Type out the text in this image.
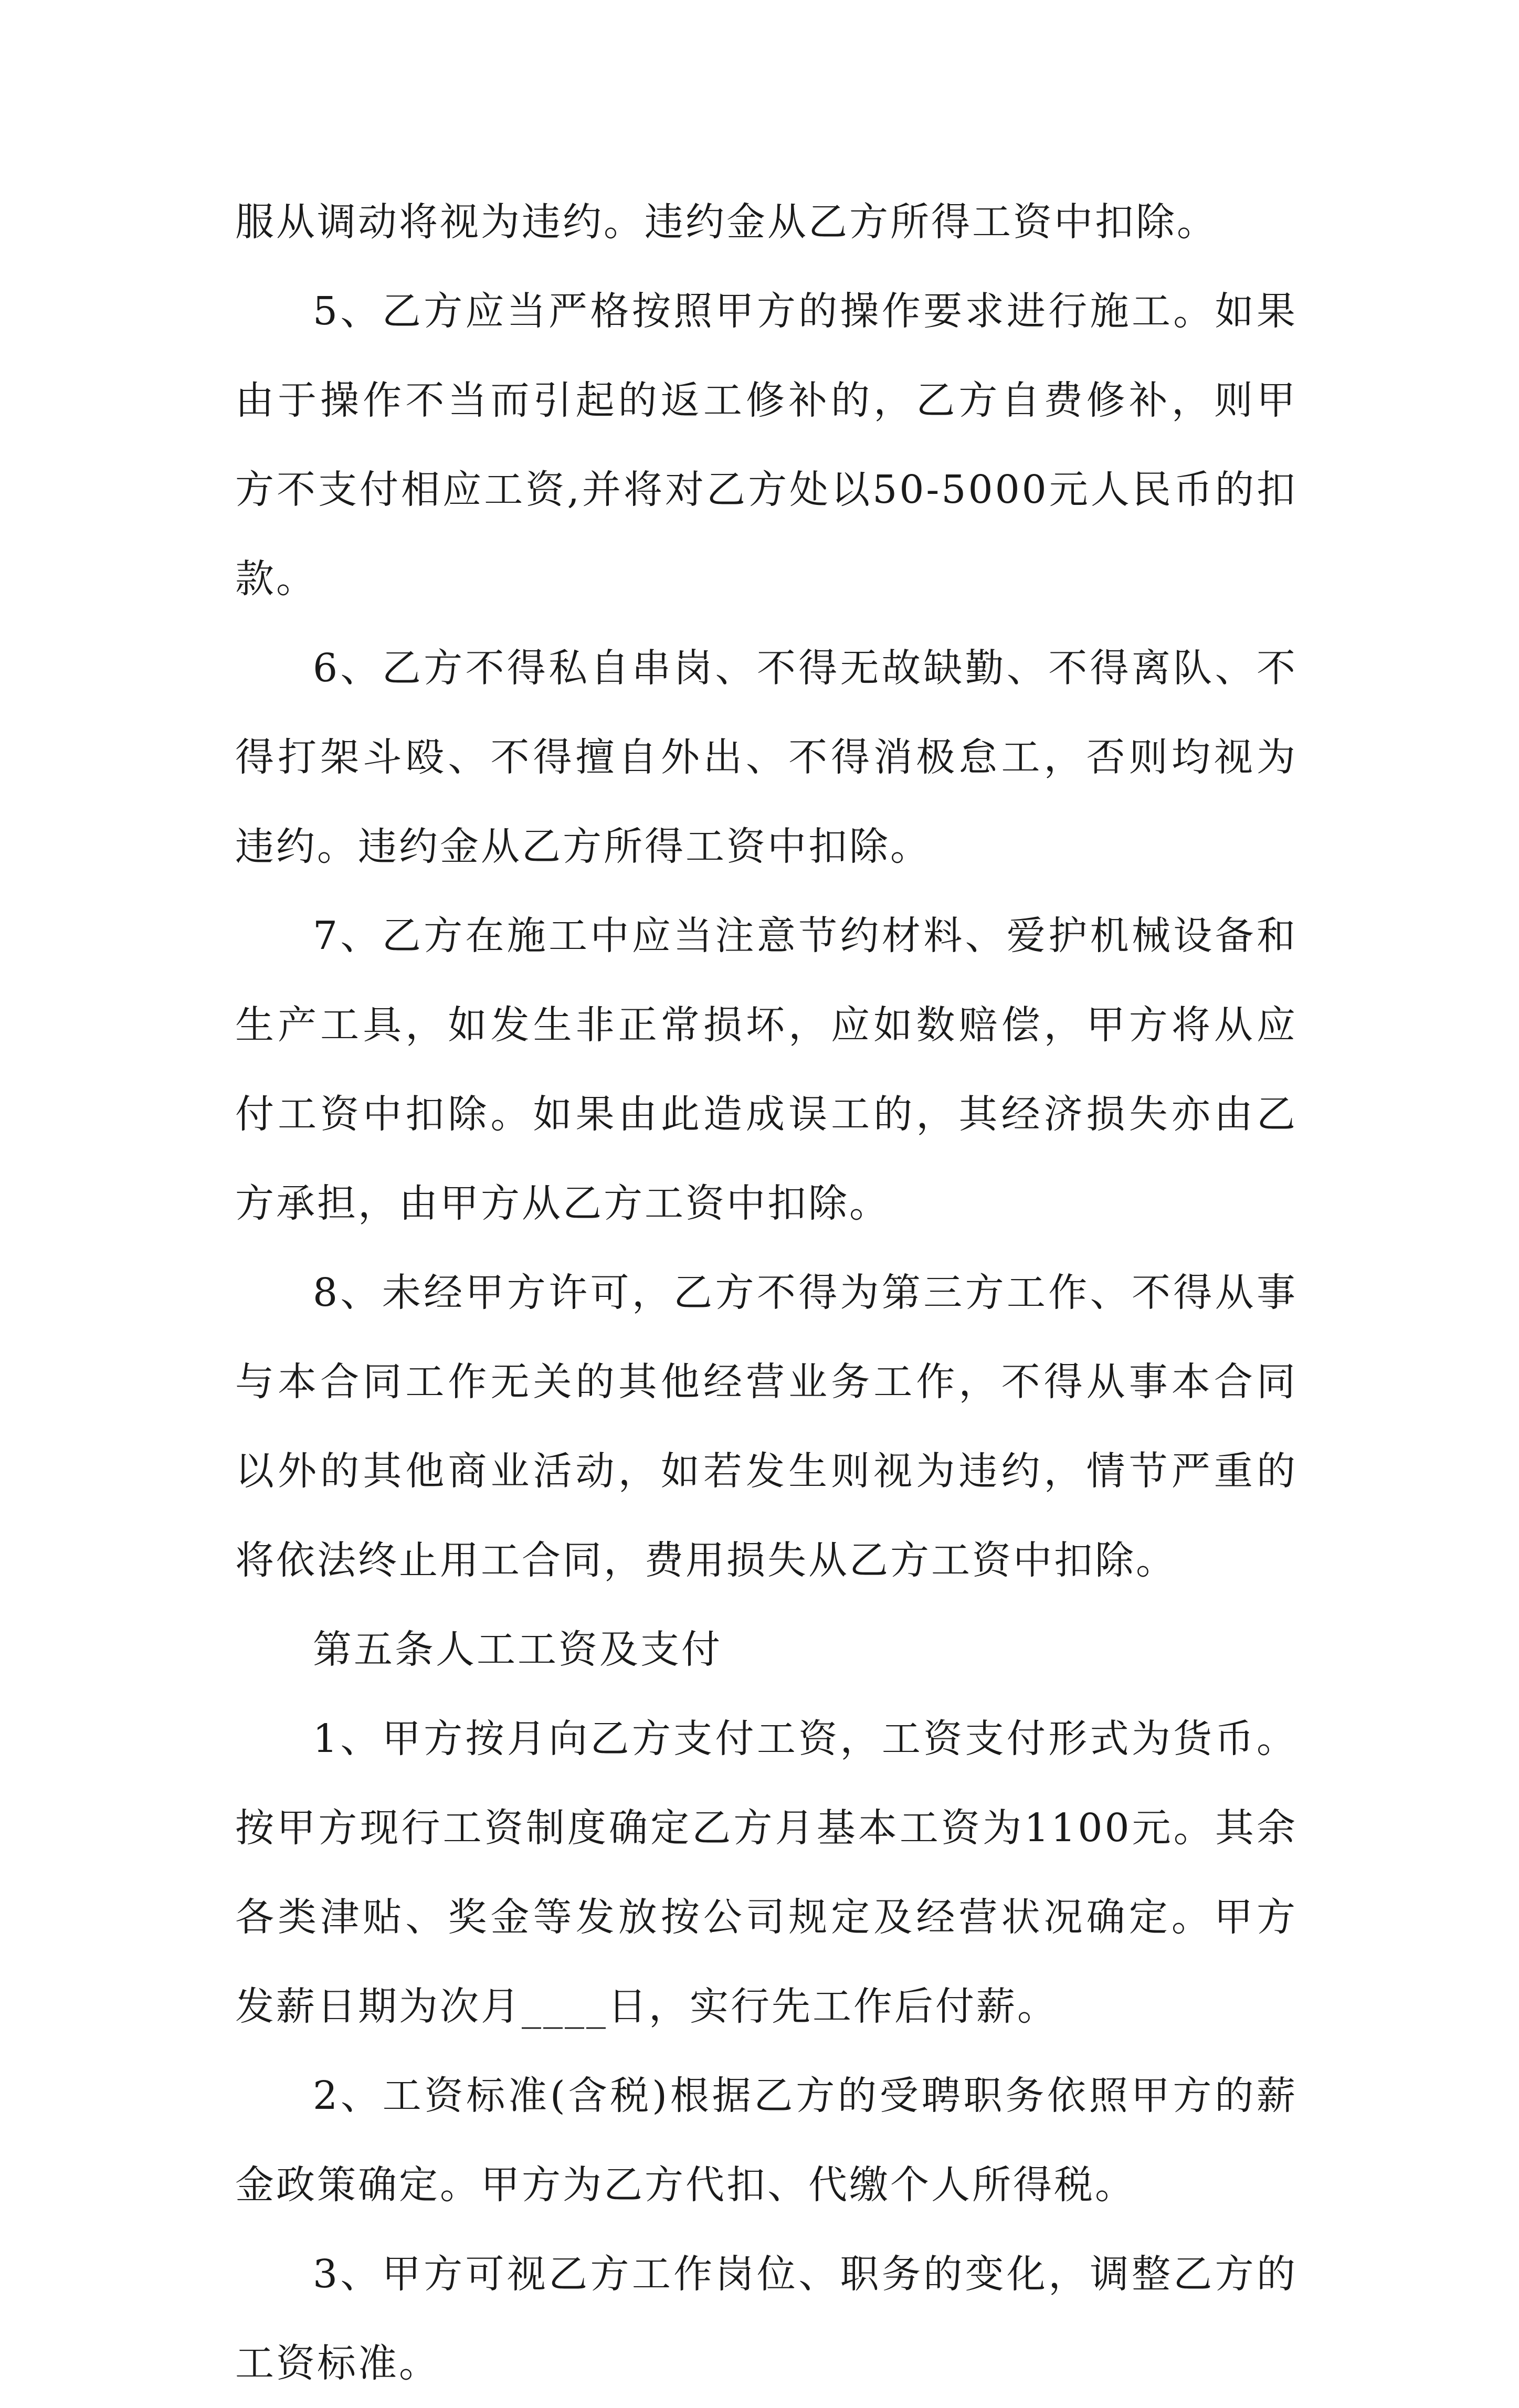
服从调动将视为违约。违约金从乙方所得工资中扣除。

5、乙方应当严格按照甲方的操作要求进行施工。如果由于操作不当而引起的返工修补的，乙方自费修补，则甲方不支付相应工资,并将对乙方处以50-5000元人民币的扣款。

6、乙方不得私自串岗、不得无故缺勤、不得离队、不得打架斗殴、不得擅自外出、不得消极怠工，否则均视为违约。违约金从乙方所得工资中扣除。

7、乙方在施工中应当注意节约材料、爱护机械设备和生产工具，如发生非正常损坏，应如数赔偿，甲方将从应付工资中扣除。如果由此造成误工的，其经济损失亦由乙方承担，由甲方从乙方工资中扣除。

8、未经甲方许可，乙方不得为第三方工作、不得从事与本合同工作无关的其他经营业务工作，不得从事本合同以外的其他商业活动，如若发生则视为违约，情节严重的将依法终止用工合同，费用损失从乙方工资中扣除。

第五条人工工资及支付

1、甲方按月向乙方支付工资，工资支付形式为货币。按甲方现行工资制度确定乙方月基本工资为1100元。其余各类津贴、奖金等发放按公司规定及经营状况确定。甲方发薪日期为次月____日，实行先工作后付薪。

2、工资标准(含税)根据乙方的受聘职务依照甲方的薪金政策确定。甲方为乙方代扣、代缴个人所得税。

3、甲方可视乙方工作岗位、职务的变化，调整乙方的工资标准。
